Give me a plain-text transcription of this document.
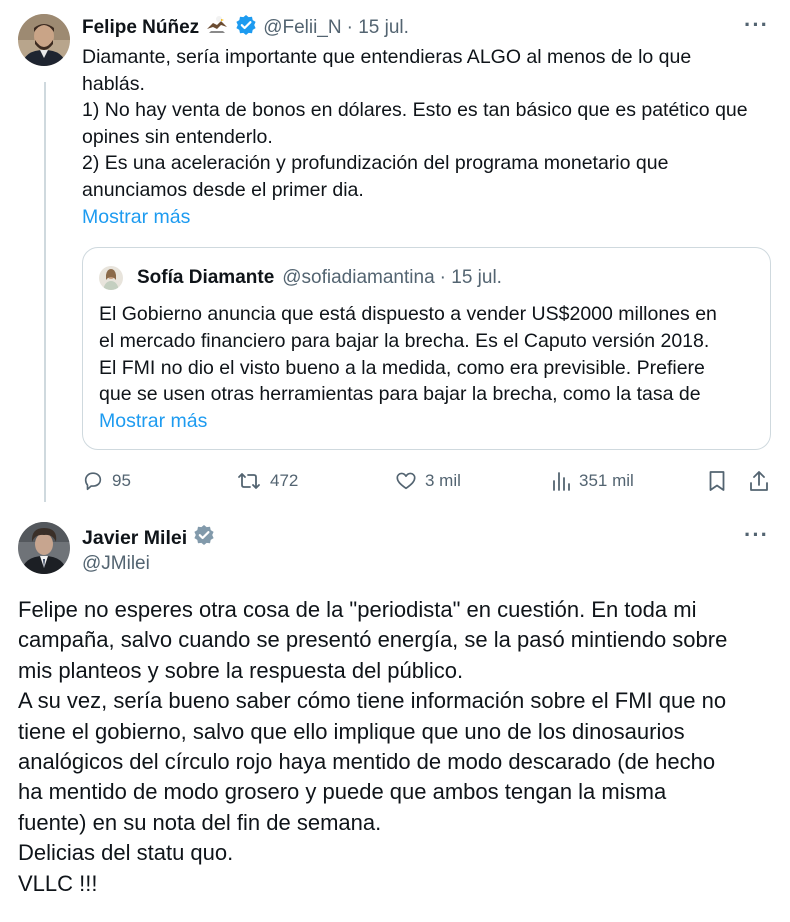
Felipe Núñez	@Felii_N · 15 jul.	···

Diamante, sería importante que entendieras ALGO al menos de lo que

hablás.

1) No hay venta de bonos en dólares. Esto es tan básico que es patético que

opines sin entenderlo.

2) Es una aceleración y profundización del programa monetario que

anunciamos desde el primer dia.

Mostrar más

Sofía Diamante @sofiadiamantina · 15 jul.

El Gobierno anuncia que está dispuesto a vender US$2000 millones en

el mercado financiero para bajar la brecha. Es el Caputo versión 2018.

El FMI no dio el visto bueno a la medida, como era previsible. Prefiere

que se usen otras herramientas para bajar la brecha, como la tasa de

Mostrar más

95	472	3 mil	351 mil
Javier Milei
@JMilei
···

Felipe no esperes otra cosa de la "periodista" en cuestión. En toda mi

campaña, salvo cuando se presentó energía, se la pasó mintiendo sobre

mis planteos y sobre la respuesta del público.

A su vez, sería bueno saber cómo tiene información sobre el FMI que no

tiene el gobierno, salvo que ello implique que uno de los dinosaurios

analógicos del círculo rojo haya mentido de modo descarado (de hecho

ha mentido de modo grosero y puede que ambos tengan la misma

fuente) en su nota del fin de semana.

Delicias del statu quo.

VLLC !!!
